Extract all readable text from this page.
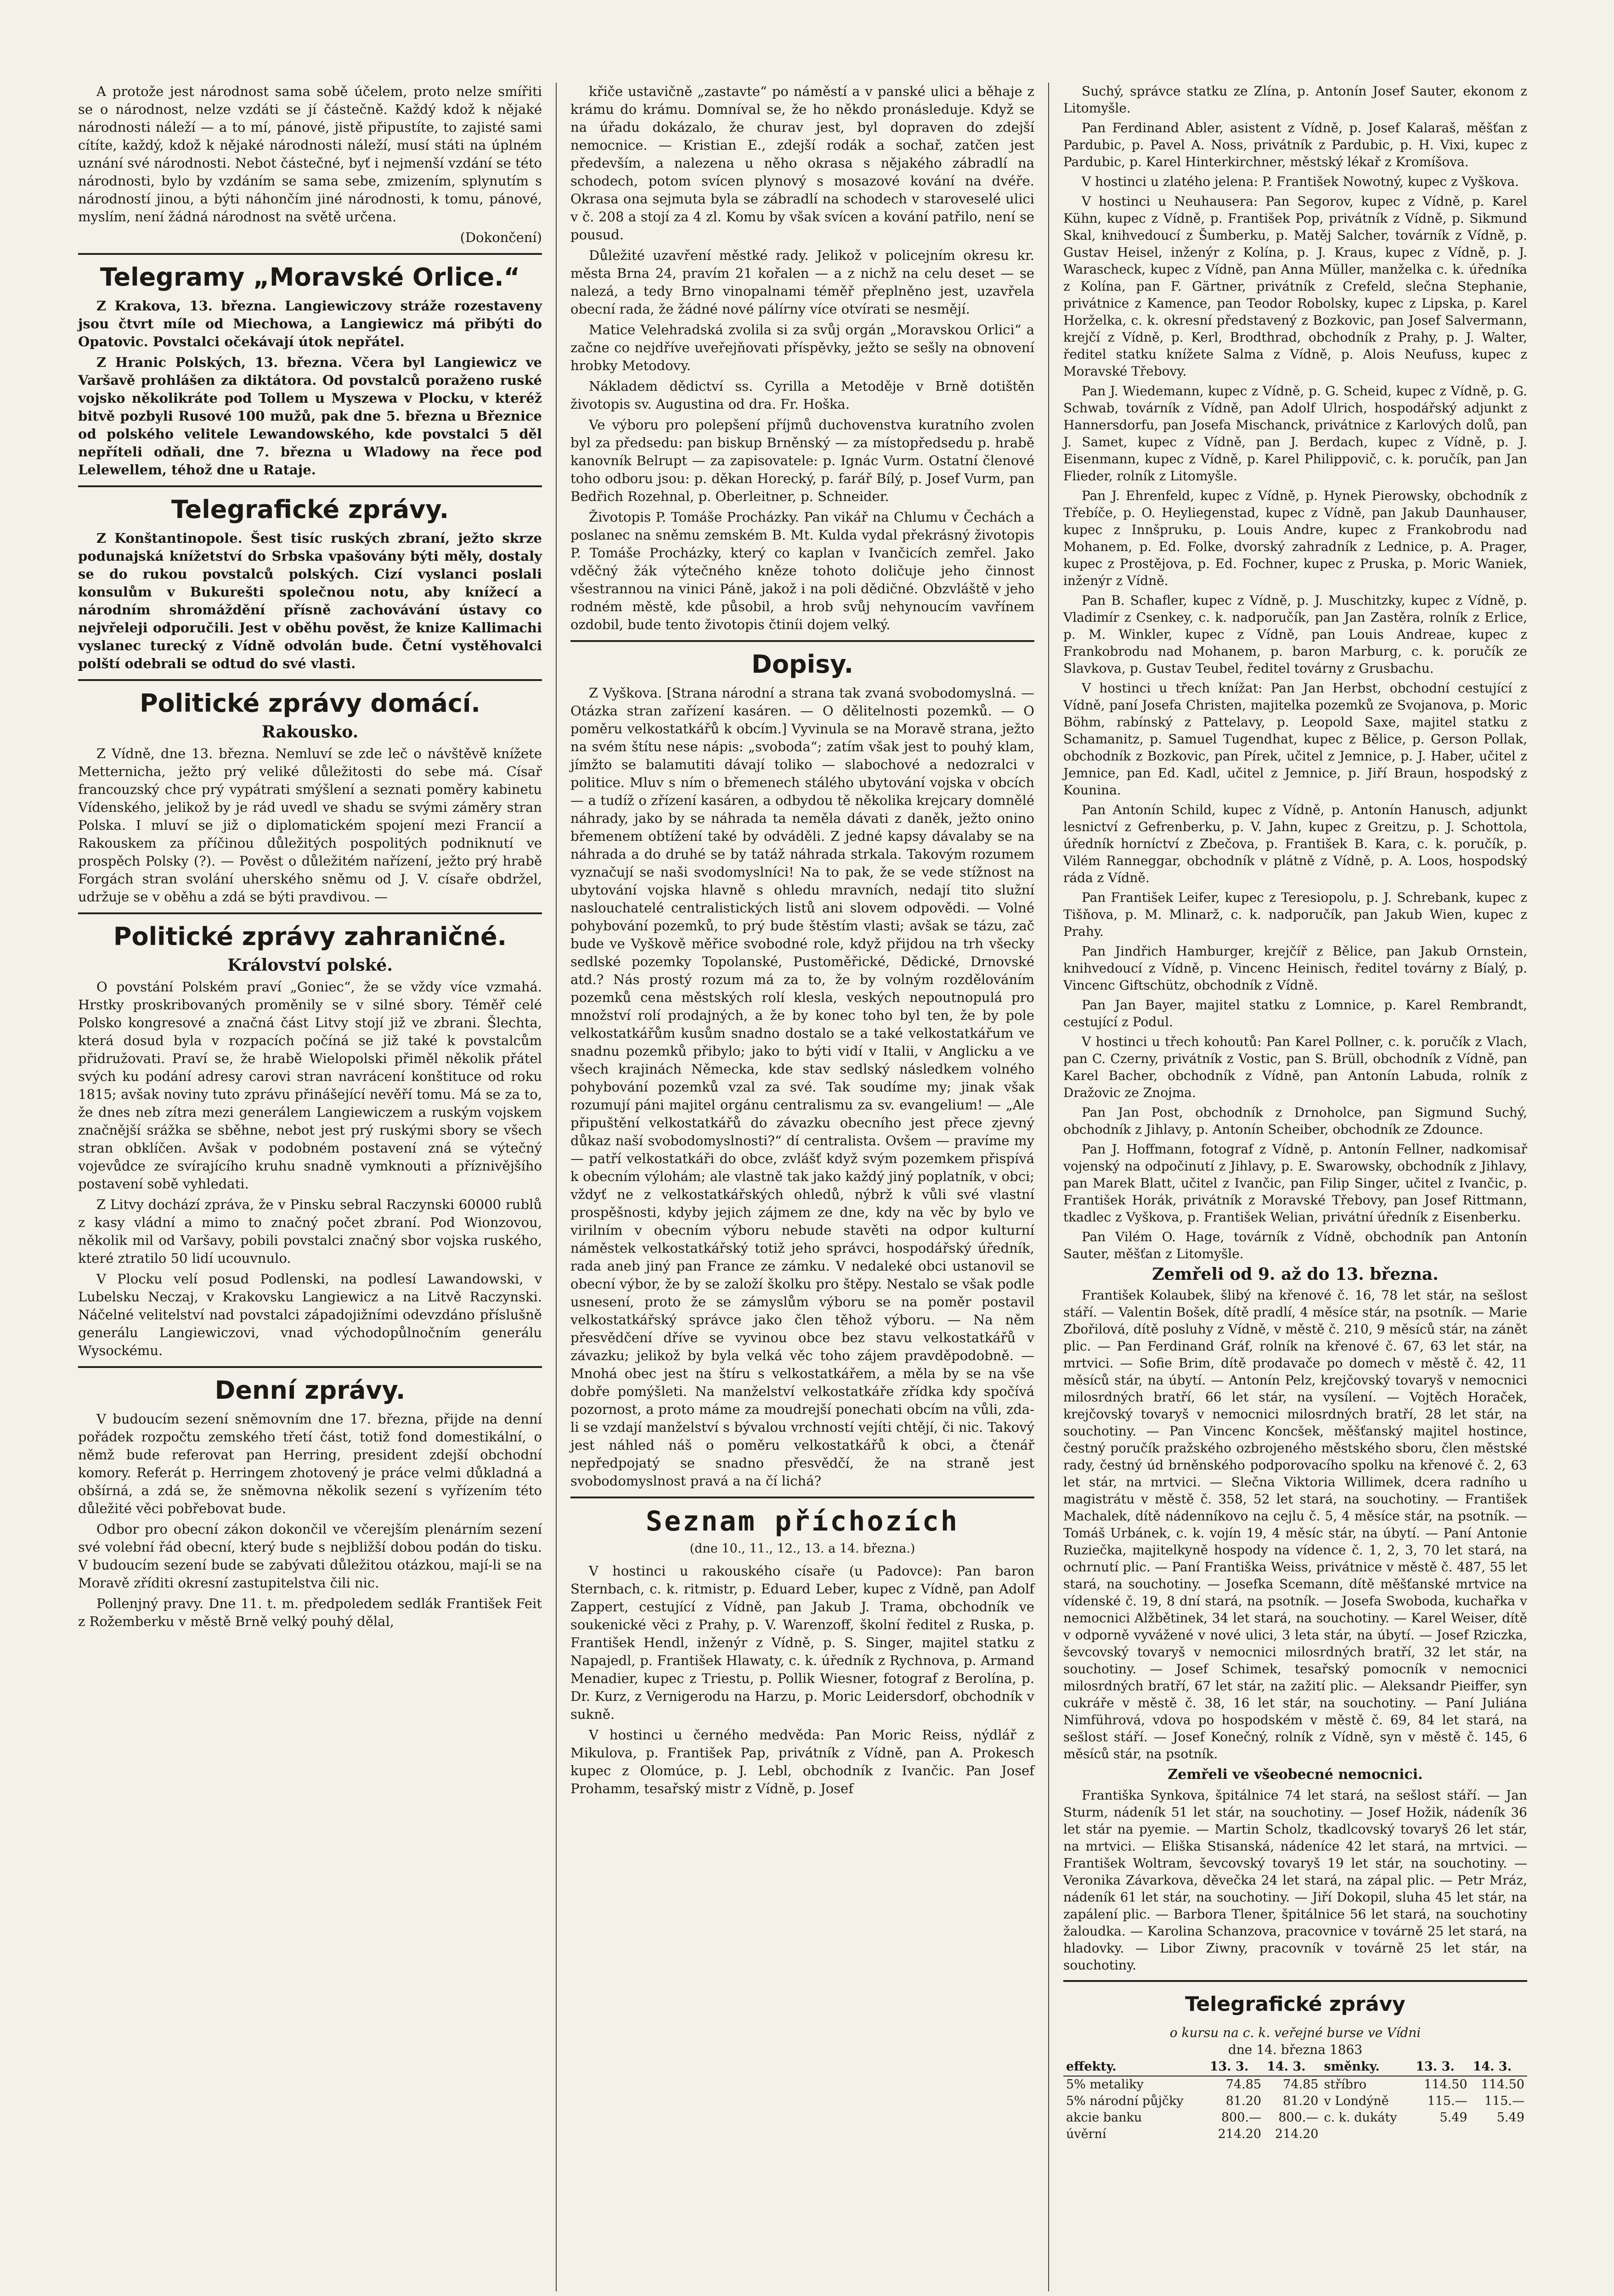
A protože jest národnost sama sobě účelem, proto nelze smířiti se o národnost, nelze vzdáti se jí částečně. Každý kdož k nějaké národnosti náleží — a to mí, pánové, jistě připustíte, to zajisté sami cítíte, každý, kdož k nějaké národnosti náleží, musí státi na úplném uznání své národnosti. Nebot částečné, byť i nejmenší vzdání se této národnosti, bylo by vzdáním se sama sebe, zmizením, splynutím s národností jinou, a býti náhončím jiné národnosti, k tomu, pánové, myslím, není žádná národnost na světě určena.

(Dokončení)
Telegramy „Moravské Orlice.“

Z Krakova, 13. března. Langiewiczovy stráže rozestaveny jsou čtvrt míle od Miechowa, a Langiewicz má přibýti do Opatovic. Povstalci očekávají útok nepřátel.

Z Hranic Polských, 13. března. Včera byl Langiewicz ve Varšavě prohlášen za diktátora. Od povstalců poraženo ruské vojsko několikráte pod Tollem u Myszewa v Plocku, v kteréž bitvě pozbyli Rusové 100 mužů, pak dne 5. března u Březnice od polského velitele Lewandowského, kde povstalci 5 děl nepříteli odňali, dne 7. března u Wladowy na řece pod Lelewellem, téhož dne u Rataje.

Telegrafické zprávy.

Z Konštantinopole. Šest tisíc ruských zbraní, ježto skrze podunajská knížetství do Srbska vpašovány býti měly, dostaly se do rukou povstalců polských. Cizí vyslanci poslali konsulům v Bukurešti společnou notu, aby knížecí a národním shromáždění přísně zachovávání ústavy co nejvřeleji odporučili. Jest v oběhu pověst, že knize Kallimachi vyslanec turecký z Vídně odvolán bude. Četní vystěhovalci polští odebrali se odtud do své vlasti.

Politické zprávy domácí.
Rakousko.

Z Vídně, dne 13. března. Nemluví se zde leč o návštěvě knížete Metternicha, ježto prý veliké důležitosti do sebe má. Císař francouzský chce prý vypátrati smýšlení a seznati poměry kabinetu Vídenského, jelikož by je rád uvedl ve shadu se svými záměry stran Polska. I mluví se již o diplomatickém spojení mezi Francií a Rakouskem za příčinou důležitých pospolitých podniknutí ve prospěch Polsky (?). — Pověst o důležitém nařízení, ježto prý hrabě Forgách stran svolání uherského sněmu od J. V. císaře obdržel, udržuje se v oběhu a zdá se býti pravdivou. —

Politické zprávy zahraničné.
Království polské.

O povstání Polském praví „Goniec“, že se vždy více vzmahá. Hrstky proskribovaných proměnily se v silné sbory. Téměř celé Polsko kongresové a značná část Litvy stojí již ve zbrani. Šlechta, která dosud byla v rozpacích počíná se již také k povstalcům přidružovati. Praví se, že hrabě Wielopolski přiměl několik přátel svých ku podání adresy carovi stran navrácení konštituce od roku 1815; avšak noviny tuto zprávu přinášející nevěří tomu. Má se za to, že dnes neb zítra mezi generálem Langiewiczem a ruským vojskem značnější srážka se sběhne, nebot jest prý ruskými sbory se všech stran obklíčen. Avšak v podobném postavení zná se výtečný vojevůdce ze svírajícího kruhu snadně vymknouti a příznivějšího postavení sobě vyhledati.

Z Litvy dochází zpráva, že v Pinsku sebral Raczynski 60000 rublů z kasy vládní a mimo to značný počet zbraní. Pod Wionzovou, několik mil od Varšavy, pobili povstalci značný sbor vojska ruského, které ztratilo 50 lidí ucouvnulo.

V Plocku velí posud Podlenski, na podlesí Lawandowski, v Lubelsku Neczaj, v Krakovsku Langiewicz a na Litvě Raczynski. Náčelné velitelství nad povstalci západojižními odevzdáno příslušně generálu Langiewiczovi, vnad východopůlnočním generálu Wysockému.

Denní zprávy.

V budoucím sezení sněmovním dne 17. března, přijde na denní pořádek rozpočtu zemského třetí část, totiž fond domestikální, o němž bude referovat pan Herring, president zdejší obchodní komory. Referát p. Herringem zhotovený je práce velmi důkladná a obšírná, a zdá se, že sněmovna několik sezení s vyřízením této důležité věci pobřebovat bude.

Odbor pro obecní zákon dokončil ve včerejším plenárním sezení své volební řád obecní, který bude s nejbližší dobou podán do tisku. V budoucím sezení bude se zabývati důležitou otázkou, mají-li se na Moravě zříditi okresní zastupitelstva čili nic.

Pollenjný pravy. Dne 11. t. m. předpoledem sedlák František Feit z Rožemberku v městě Brně velký pouhý dělal,

křiče ustavičně „zastavte“ po náměstí a v panské ulici a běhaje z krámu do krámu. Domníval se, že ho někdo pronásleduje. Když se na úřadu dokázalo, že churav jest, byl dopraven do zdejší nemocnice. — Kristian E., zdejší rodák a sochař, zatčen jest především, a nalezena u něho okrasa s nějakého zábradlí na schodech, potom svícen plynový s mosazové kování na dvéře. Okrasa ona sejmuta byla se zábradlí na schodech v staroveselé ulici v č. 208 a stojí za 4 zl. Komu by však svícen a kování patřilo, není se pousud.

Důležité uzavření městké rady. Jelikož v policejním okresu kr. města Brna 24, pravím 21 kořalen — a z nichž na celu deset — se nalezá, a tedy Brno vinopalnami téměř přeplněno jest, uzavřela obecní rada, že žádné nové pálírny více otvírati se nesmějí.

Matice Velehradská zvolila si za svůj orgán „Moravskou Orlici“ a začne co nejdříve uveřejňovati příspěvky, ježto se sešly na obnovení hrobky Metodovy.

Nákladem dědictví ss. Cyrilla a Metoděje v Brně dotištěn životopis sv. Augustina od dra. Fr. Hoška.

Ve výboru pro polepšení příjmů duchovenstva kuratního zvolen byl za předsedu: pan biskup Brněnský — za místopředsedu p. hrabě kanovník Belrupt — za zapisovatele: p. Ignác Vurm. Ostatní členové toho odboru jsou: p. děkan Horecký, p. farář Bílý, p. Josef Vurm, pan Bedřich Rozehnal, p. Oberleitner, p. Schneider.

Životopis P. Tomáše Procházky. Pan vikář na Chlumu v Čechách a poslanec na sněmu zemském B. Mt. Kulda vydal překrásný životopis P. Tomáše Procházky, který co kaplan v Ivančicích zemřel. Jako vděčný žák výtečného kněze tohoto doličuje jeho činnost všestrannou na vinici Páně, jakož i na poli dědičné. Obzvláště v jeho rodném městě, kde působil, a hrob svůj nehynoucím vavřínem ozdobil, bude tento životopis čtiníi dojem velký.

Dopisy.

Z Vyškova. [Strana národní a strana tak zvaná svobodomyslná. — Otázka stran zařízení kasáren. — O dělitelnosti pozemků. — O poměru velkostatkářů k obcím.] Vyvinula se na Moravě strana, ježto na svém štítu nese nápis: „svoboda“; zatím však jest to pouhý klam, jímžto se balamutiti dávají toliko — slabochové a nedozralci v politice. Mluv s ním o břemenech stálého ubytování vojska v obcích — a tudíž o zřízení kasáren, a odbydou tě několika krejcary domnělé náhrady, jako by se náhrada ta neměla dávati z daněk, ježto onino břemenem obtížení také by odváděli. Z jedné kapsy dávalaby se na náhrada a do druhé se by tatáž náhrada strkala. Takovým rozumem vyznačují se naši svodomyslníci! Na to pak, že se vede stížnost na ubytování vojska hlavně s ohledu mravních, nedají tito služní naslouchatelé centralistických listů ani slovem odpovědi. — Volné pohybování pozemků, to prý bude štěstím vlasti; avšak se tázu, zač bude ve Vyškově měřice svobodné role, když přijdou na trh všecky sedlské pozemky Topolanské, Pustoměřické, Dědické, Drnovské atd.? Nás prostý rozum má za to, že by volným rozdělováním pozemků cena městských rolí klesla, veských nepoutnopulá pro množství rolí prodajných, a že by konec toho byl ten, že by pole velkostatkářům kusům snadno dostalo se a také velkostatkářum ve snadnu pozemků přibylo; jako to býti vidí v Italii, v Anglicku a ve všech krajinách Německa, kde stav sedlský následkem volného pohybování pozemků vzal za své. Tak soudíme my; jinak však rozumují páni majitel orgánu centralismu za sv. evangelium! — „Ale připuštění velkostatkářů do závazku obecního jest přece zjevný důkaz naší svobodomyslnosti?“ dí centralista. Ovšem — pravíme my — patří velkostatkáři do obce, zvlášť když svým pozemkem přispívá k obecním výlohám; ale vlastně tak jako každý jiný poplatník, v obci; vždyť ne z velkostatkářských ohledů, nýbrž k vůli své vlastní prospěšnosti, kdyby jejich zájmem ze dne, kdy na věc by bylo ve virilním v obecním výboru nebude stavěti na odpor kulturní náměstek velkostatkářský totiž jeho správci, hospodářský úředník, rada aneb jiný pan France ze zámku. V nedaleké obci ustanovil se obecní výbor, že by se založí školku pro štěpy. Nestalo se však podle usnesení, proto že se zámyslům výboru se na poměr postavil velkostatkářský správce jako člen těhož výboru. — Na něm přesvědčení dříve se vyvinou obce bez stavu velkostatkářů v závazku; jelikož by byla velká věc toho zájem pravděpodobně. — Mnohá obec jest na štíru s velkostatkářem, a měla by se na vše dobře pomýšleti. Na manželství velkostatkáře zřídka kdy spočívá pozornost, a proto máme za moudrejší ponechati obcím na vůli, zda-li se vzdají manželství s bývalou vrchností vejíti chtějí, či nic. Takový jest náhled náš o poměru velkostatkářů k obci, a čtenář nepředpojatý se snadno přesvědčí, že na straně jest svobodomyslnost pravá a na čí lichá?

Seznam příchozích
(dne 10., 11., 12., 13. a 14. března.)

V hostinci u rakouského císaře (u Padovce): Pan baron Sternbach, c. k. ritmistr, p. Eduard Leber, kupec z Vídně, pan Adolf Zappert, cestující z Vídně, pan Jakub J. Trama, obchodník ve soukenické věci z Prahy, p. V. Warenzoff, školní ředitel z Ruska, p. František Hendl, inženýr z Vídně, p. S. Singer, majitel statku z Napajedl, p. František Hlawaty, c. k. úředník z Rychnova, p. Armand Menadier, kupec z Triestu, p. Pollik Wiesner, fotograf z Berolína, p. Dr. Kurz, z Vernigerodu na Harzu, p. Moric Leidersdorf, obchodník v sukně.

V hostinci u černého medvěda: Pan Moric Reiss, nýdlář z Mikulova, p. František Pap, privátník z Vídně, pan A. Prokesch kupec z Olomúce, p. J. Lebl, obchodník z Ivančic. Pan Josef Prohamm, tesařský mistr z Vídně, p. Josef

Suchý, správce statku ze Zlína, p. Antonín Josef Sauter, ekonom z Litomyšle.

Pan Ferdinand Abler, asistent z Vídně, p. Josef Kalaraš, měšťan z Pardubic, p. Pavel A. Noss, privátník z Pardubic, p. H. Vixi, kupec z Pardubic, p. Karel Hinterkirchner, městský lékař z Kromíšova.

V hostinci u zlatého jelena: P. František Nowotný, kupec z Vyškova.

V hostinci u Neuhausera: Pan Segorov, kupec z Vídně, p. Karel Kühn, kupec z Vídně, p. František Pop, privátník z Vídně, p. Sikmund Skal, knihvedoucí z Šumberku, p. Matěj Salcher, továrník z Vídně, p. Gustav Heisel, inženýr z Kolína, p. J. Kraus, kupec z Vídně, p. J. Warascheck, kupec z Vídně, pan Anna Müller, manželka c. k. úředníka z Kolína, pan F. Gärtner, privátník z Crefeld, slečna Stephanie, privátnice z Kamence, pan Teodor Robolsky, kupec z Lipska, p. Karel Horželka, c. k. okresní představený z Bozkovic, pan Josef Salvermann, krejčí z Vídně, p. Kerl, Brodthrad, obchodník z Prahy, p. J. Walter, ředitel statku knížete Salma z Vídně, p. Alois Neufuss, kupec z Moravské Třebovy.

Pan J. Wiedemann, kupec z Vídně, p. G. Scheid, kupec z Vídně, p. G. Schwab, továrník z Vídně, pan Adolf Ulrich, hospodářský adjunkt z Hannersdorfu, pan Josefa Mischanck, privátnice z Karlových dolů, pan J. Samet, kupec z Vídně, pan J. Berdach, kupec z Vídně, p. J. Eisenmann, kupec z Vídně, p. Karel Philippovič, c. k. poručík, pan Jan Flieder, rolník z Litomyšle.

Pan J. Ehrenfeld, kupec z Vídně, p. Hynek Pierowsky, obchodník z Třebíče, p. O. Heyliegenstad, kupec z Vídně, pan Jakub Daunhauser, kupec z Innšpruku, p. Louis Andre, kupec z Frankobrodu nad Mohanem, p. Ed. Folke, dvorský zahradník z Lednice, p. A. Prager, kupec z Prostějova, p. Ed. Fochner, kupec z Pruska, p. Moric Waniek, inženýr z Vídně.

Pan B. Schafler, kupec z Vídně, p. J. Muschitzky, kupec z Vídně, p. Vladimír z Csenkey, c. k. nadporučík, pan Jan Zastěra, rolník z Erlice, p. M. Winkler, kupec z Vídně, pan Louis Andreae, kupec z Frankobrodu nad Mohanem, p. baron Marburg, c. k. poručík ze Slavkova, p. Gustav Teubel, ředitel továrny z Grusbachu.

V hostinci u třech knížat: Pan Jan Herbst, obchodní cestující z Vídně, paní Josefa Christen, majitelka pozemků ze Svojanova, p. Moric Böhm, rabínský z Pattelavy, p. Leopold Saxe, majitel statku z Schamanitz, p. Samuel Tugendhat, kupec z Bělice, p. Gerson Pollak, obchodník z Bozkovic, pan Pírek, učitel z Jemnice, p. J. Haber, učitel z Jemnice, pan Ed. Kadl, učitel z Jemnice, p. Jiří Braun, hospodský z Kounina.

Pan Antonín Schild, kupec z Vídně, p. Antonín Hanusch, adjunkt lesnictví z Gefrenberku, p. V. Jahn, kupec z Greitzu, p. J. Schottola, úředník horníctví z Zbečova, p. František B. Kara, c. k. poručík, p. Vilém Ranneggar, obchodník v plátně z Vídně, p. A. Loos, hospodský ráda z Vídně.

Pan František Leifer, kupec z Teresiopolu, p. J. Schrebank, kupec z Tišňova, p. M. Mlinarž, c. k. nadporučík, pan Jakub Wien, kupec z Prahy.

Pan Jindřich Hamburger, krejčíř z Bělice, pan Jakub Ornstein, knihvedoucí z Vídně, p. Vincenc Heinisch, ředitel továrny z Bíalý, p. Vincenc Giftschütz, obchodník z Vídně.

Pan Jan Bayer, majitel statku z Lomnice, p. Karel Rembrandt, cestující z Podul.

V hostinci u třech kohoutů: Pan Karel Pollner, c. k. poručík z Vlach, pan C. Czerny, privátník z Vostic, pan S. Brüll, obchodník z Vídně, pan Karel Bacher, obchodník z Vídně, pan Antonín Labuda, rolník z Dražovic ze Znojma.

Pan Jan Post, obchodník z Drnoholce, pan Sigmund Suchý, obchodník z Jihlavy, p. Antonín Scheiber, obchodník ze Zdounce.

Pan J. Hoffmann, fotograf z Vídně, p. Antonín Fellner, nadkomisař vojenský na odpočinutí z Jihlavy, p. E. Swarowsky, obchodník z Jihlavy, pan Marek Blatt, učitel z Ivančic, pan Filip Singer, učitel z Ivančic, p. František Horák, privátník z Moravské Třebovy, pan Josef Rittmann, tkadlec z Vyškova, p. František Welian, privátní úředník z Eisenberku.

Pan Vilém O. Hage, továrník z Vídně, obchodník pan Antonín Sauter, měšťan z Litomyšle.

Zemřeli od 9. až do 13. března.

František Kolaubek, šlibý na křenové č. 16, 78 let stár, na sešlost stáří. — Valentin Bošek, dítě pradlí, 4 měsíce stár, na psotník. — Marie Zbořilová, dítě posluhy z Vídně, v městě č. 210, 9 měsíců stár, na zánět plic. — Pan Ferdinand Gráf, rolník na křenové č. 67, 63 let stár, na mrtvici. — Sofie Brim, dítě prodavače po domech v městě č. 42, 11 měsíců stár, na úbytí. — Antonín Pelz, krejčovský tovaryš v nemocnici milosrdných bratří, 66 let stár, na vysílení. — Vojtěch Horaček, krejčovský tovaryš v nemocnici milosrdných bratří, 28 let stár, na souchotiny. — Pan Vincenc Koncšek, měšťanský majitel hostince, čestný poručík pražského ozbrojeného městského sboru, člen městské rady, čestný úd brněnského podporovacího spolku na křenové č. 2, 63 let stár, na mrtvici. — Slečna Viktoria Willimek, dcera radního u magistrátu v městě č. 358, 52 let stará, na souchotiny. — František Machalek, dítě nádenníkovo na cejlu č. 5, 4 měsíce stár, na psotník. — Tomáš Urbánek, c. k. vojín 19, 4 měsíc stár, na úbytí. — Paní Antonie Ruziečka, majitelkyně hospody na vídence č. 1, 2, 3, 70 let stará, na ochrnutí plic. — Paní Františka Weiss, privátnice v městě č. 487, 55 let stará, na souchotiny. — Josefka Scemann, dítě měšťanské mrtvice na vídenské č. 19, 8 dní stará, na psotník. — Josefa Swoboda, kuchařka v nemocnici Alžbětinek, 34 let stará, na souchotiny. — Karel Weiser, dítě v odporně vyvážené v nové ulici, 3 leta stár, na úbytí. — Josef Rziczka, ševcovský tovaryš v nemocnici milosrdných bratří, 32 let stár, na souchotiny. — Josef Schimek, tesařský pomocník v nemocnici milosrdných bratří, 67 let stár, na zažití plic. — Aleksandr Pieiffer, syn cukráře v městě č. 38, 16 let stár, na souchotiny. — Paní Juliána Nimführová, vdova po hospodském v městě č. 69, 84 let stará, na sešlost stáří. — Josef Konečný, rolník z Vídně, syn v městě č. 145, 6 měsíců stár, na psotník.

Zemřeli ve všeobecné nemocnici.

Františka Synkova, špitálnice 74 let stará, na sešlost stáří. — Jan Sturm, nádeník 51 let stár, na souchotiny. — Josef Hožik, nádeník 36 let stár na pyemie. — Martin Scholz, tkadlcovský tovaryš 26 let stár, na mrtvici. — Eliška Stisanská, nádeníce 42 let stará, na mrtvici. — František Woltram, ševcovský tovaryš 19 let stár, na souchotiny. — Veronika Závarkova, děvečka 24 let stará, na zápal plic. — Petr Mráz, nádeník 61 let stár, na souchotiny. — Jiří Dokopil, sluha 45 let stár, na zapálení plic. — Barbora Tlener, špitálnice 56 let stará, na souchotiny žaloudka. — Karolina Schanzova, pracovnice v továrně 25 let stará, na hladovky. — Libor Ziwny, pracovník v továrně 25 let stár, na souchotiny.

Telegrafické zprávy
o kursu na c. k. veřejné burse ve Vídni
dne 14. března 1863
effekty.	13. 3.	14. 3.	směnky.	13. 3.	14. 3.
5% metaliky	74.85	74.85	stříbro	114.50	114.50
5% národní půjčky	81.20	81.20	v Londýně	115.—	115.—
akcie banku	800.—	800.—	c. k. dukáty	5.49	5.49
úvěrní	214.20	214.20			
